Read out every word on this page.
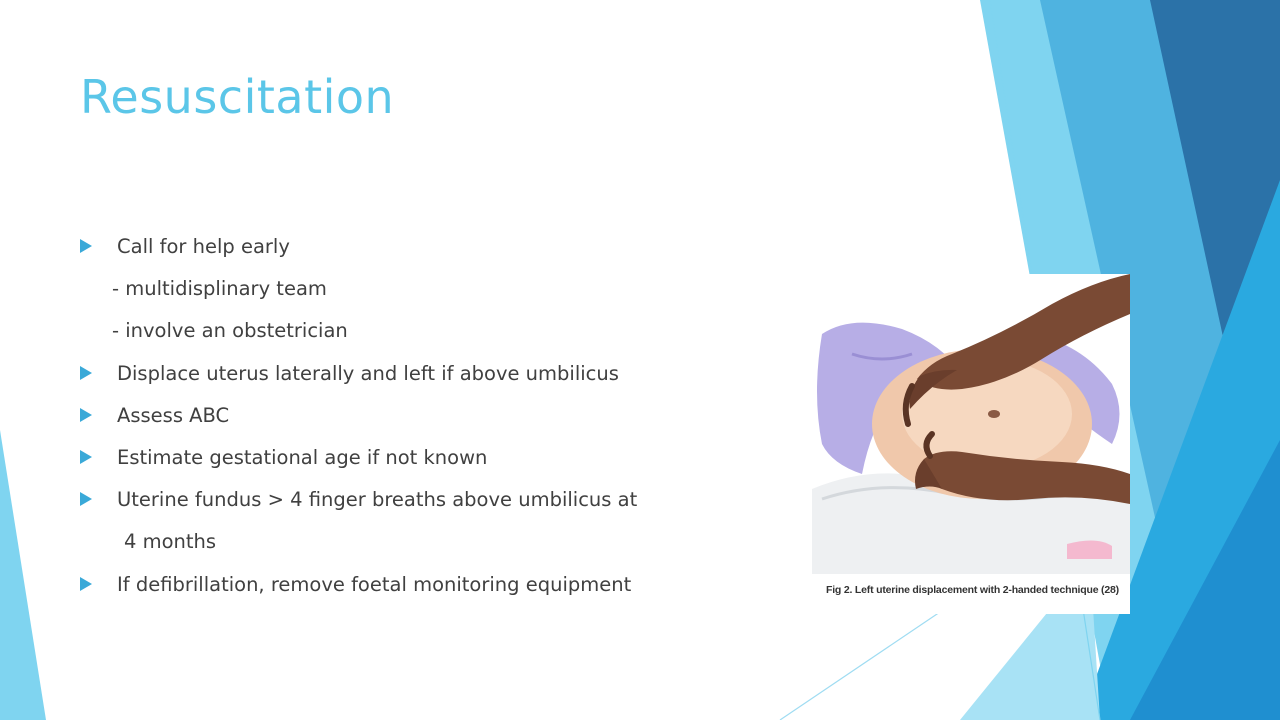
Resuscitation
Call for help early
- multidisplinary team
- involve an obstetrician
Displace uterus laterally and left if above umbilicus
Assess ABC
Estimate gestational age if not known
Uterine fundus > 4 finger breaths above umbilicus at
4 months
If defibrillation, remove foetal monitoring equipment	Fig 2. Left uterine displacement with 2-handed technique (28)
